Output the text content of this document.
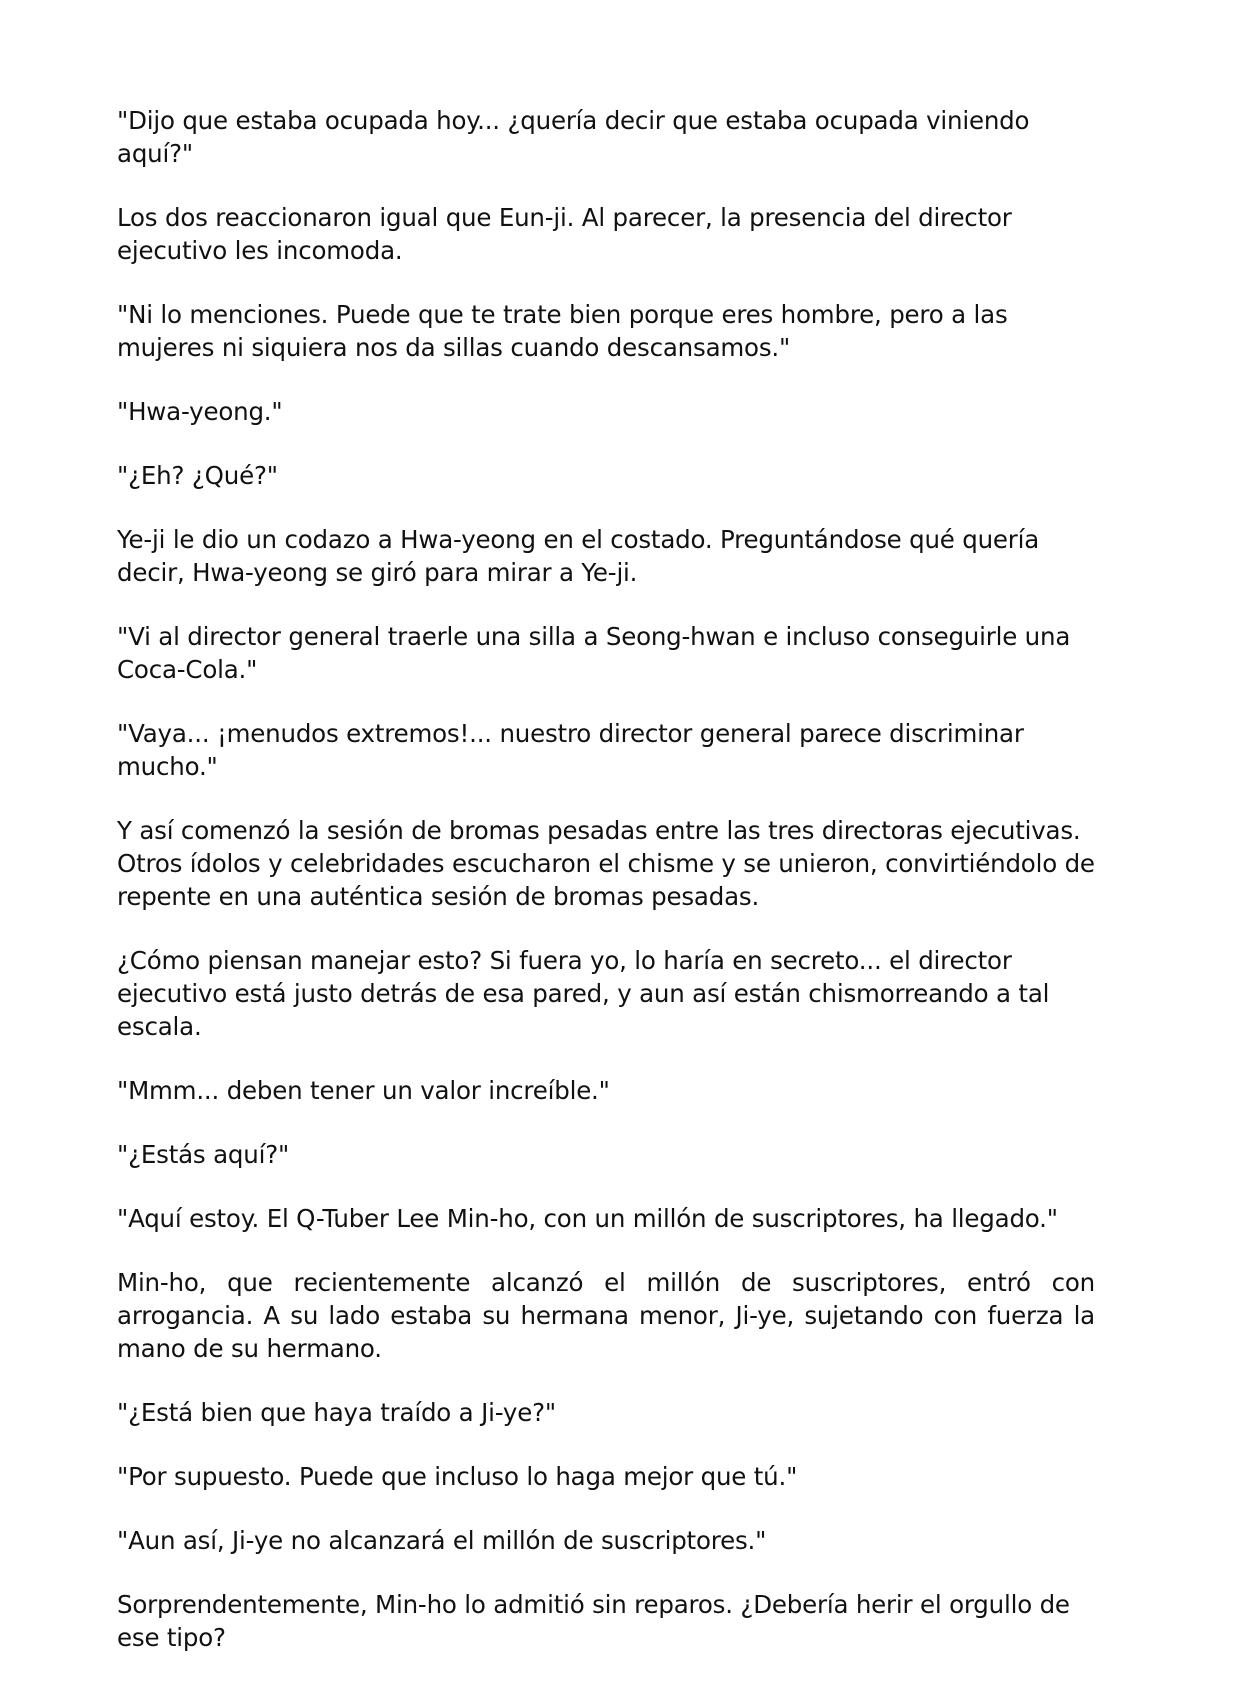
"Dijo que estaba ocupada hoy... ¿quería decir que estaba ocupada viniendo aquí?"

Los dos reaccionaron igual que Eun-ji. Al parecer, la presencia del director ejecutivo les incomoda.

"Ni lo menciones. Puede que te trate bien porque eres hombre, pero a las mujeres ni siquiera nos da sillas cuando descansamos."

"Hwa-yeong."

"¿Eh? ¿Qué?"

Ye-ji le dio un codazo a Hwa-yeong en el costado. Preguntándose qué quería decir, Hwa-yeong se giró para mirar a Ye-ji.

"Vi al director general traerle una silla a Seong-hwan e incluso conseguirle una Coca-Cola."

"Vaya... ¡menudos extremos!... nuestro director general parece discriminar mucho."

Y así comenzó la sesión de bromas pesadas entre las tres directoras ejecutivas. Otros ídolos y celebridades escucharon el chisme y se unieron, convirtiéndolo de repente en una auténtica sesión de bromas pesadas.

¿Cómo piensan manejar esto? Si fuera yo, lo haría en secreto... el director ejecutivo está justo detrás de esa pared, y aun así están chismorreando a tal escala.

"Mmm... deben tener un valor increíble."

"¿Estás aquí?"

"Aquí estoy. El Q-Tuber Lee Min-ho, con un millón de suscriptores, ha llegado."

Min-ho, que recientemente alcanzó el millón de suscriptores, entró con arrogancia. A su lado estaba su hermana menor, Ji-ye, sujetando con fuerza la mano de su hermano.

"¿Está bien que haya traído a Ji-ye?"

"Por supuesto. Puede que incluso lo haga mejor que tú."

"Aun así, Ji-ye no alcanzará el millón de suscriptores."

Sorprendentemente, Min-ho lo admitió sin reparos. ¿Debería herir el orgullo de ese tipo?
